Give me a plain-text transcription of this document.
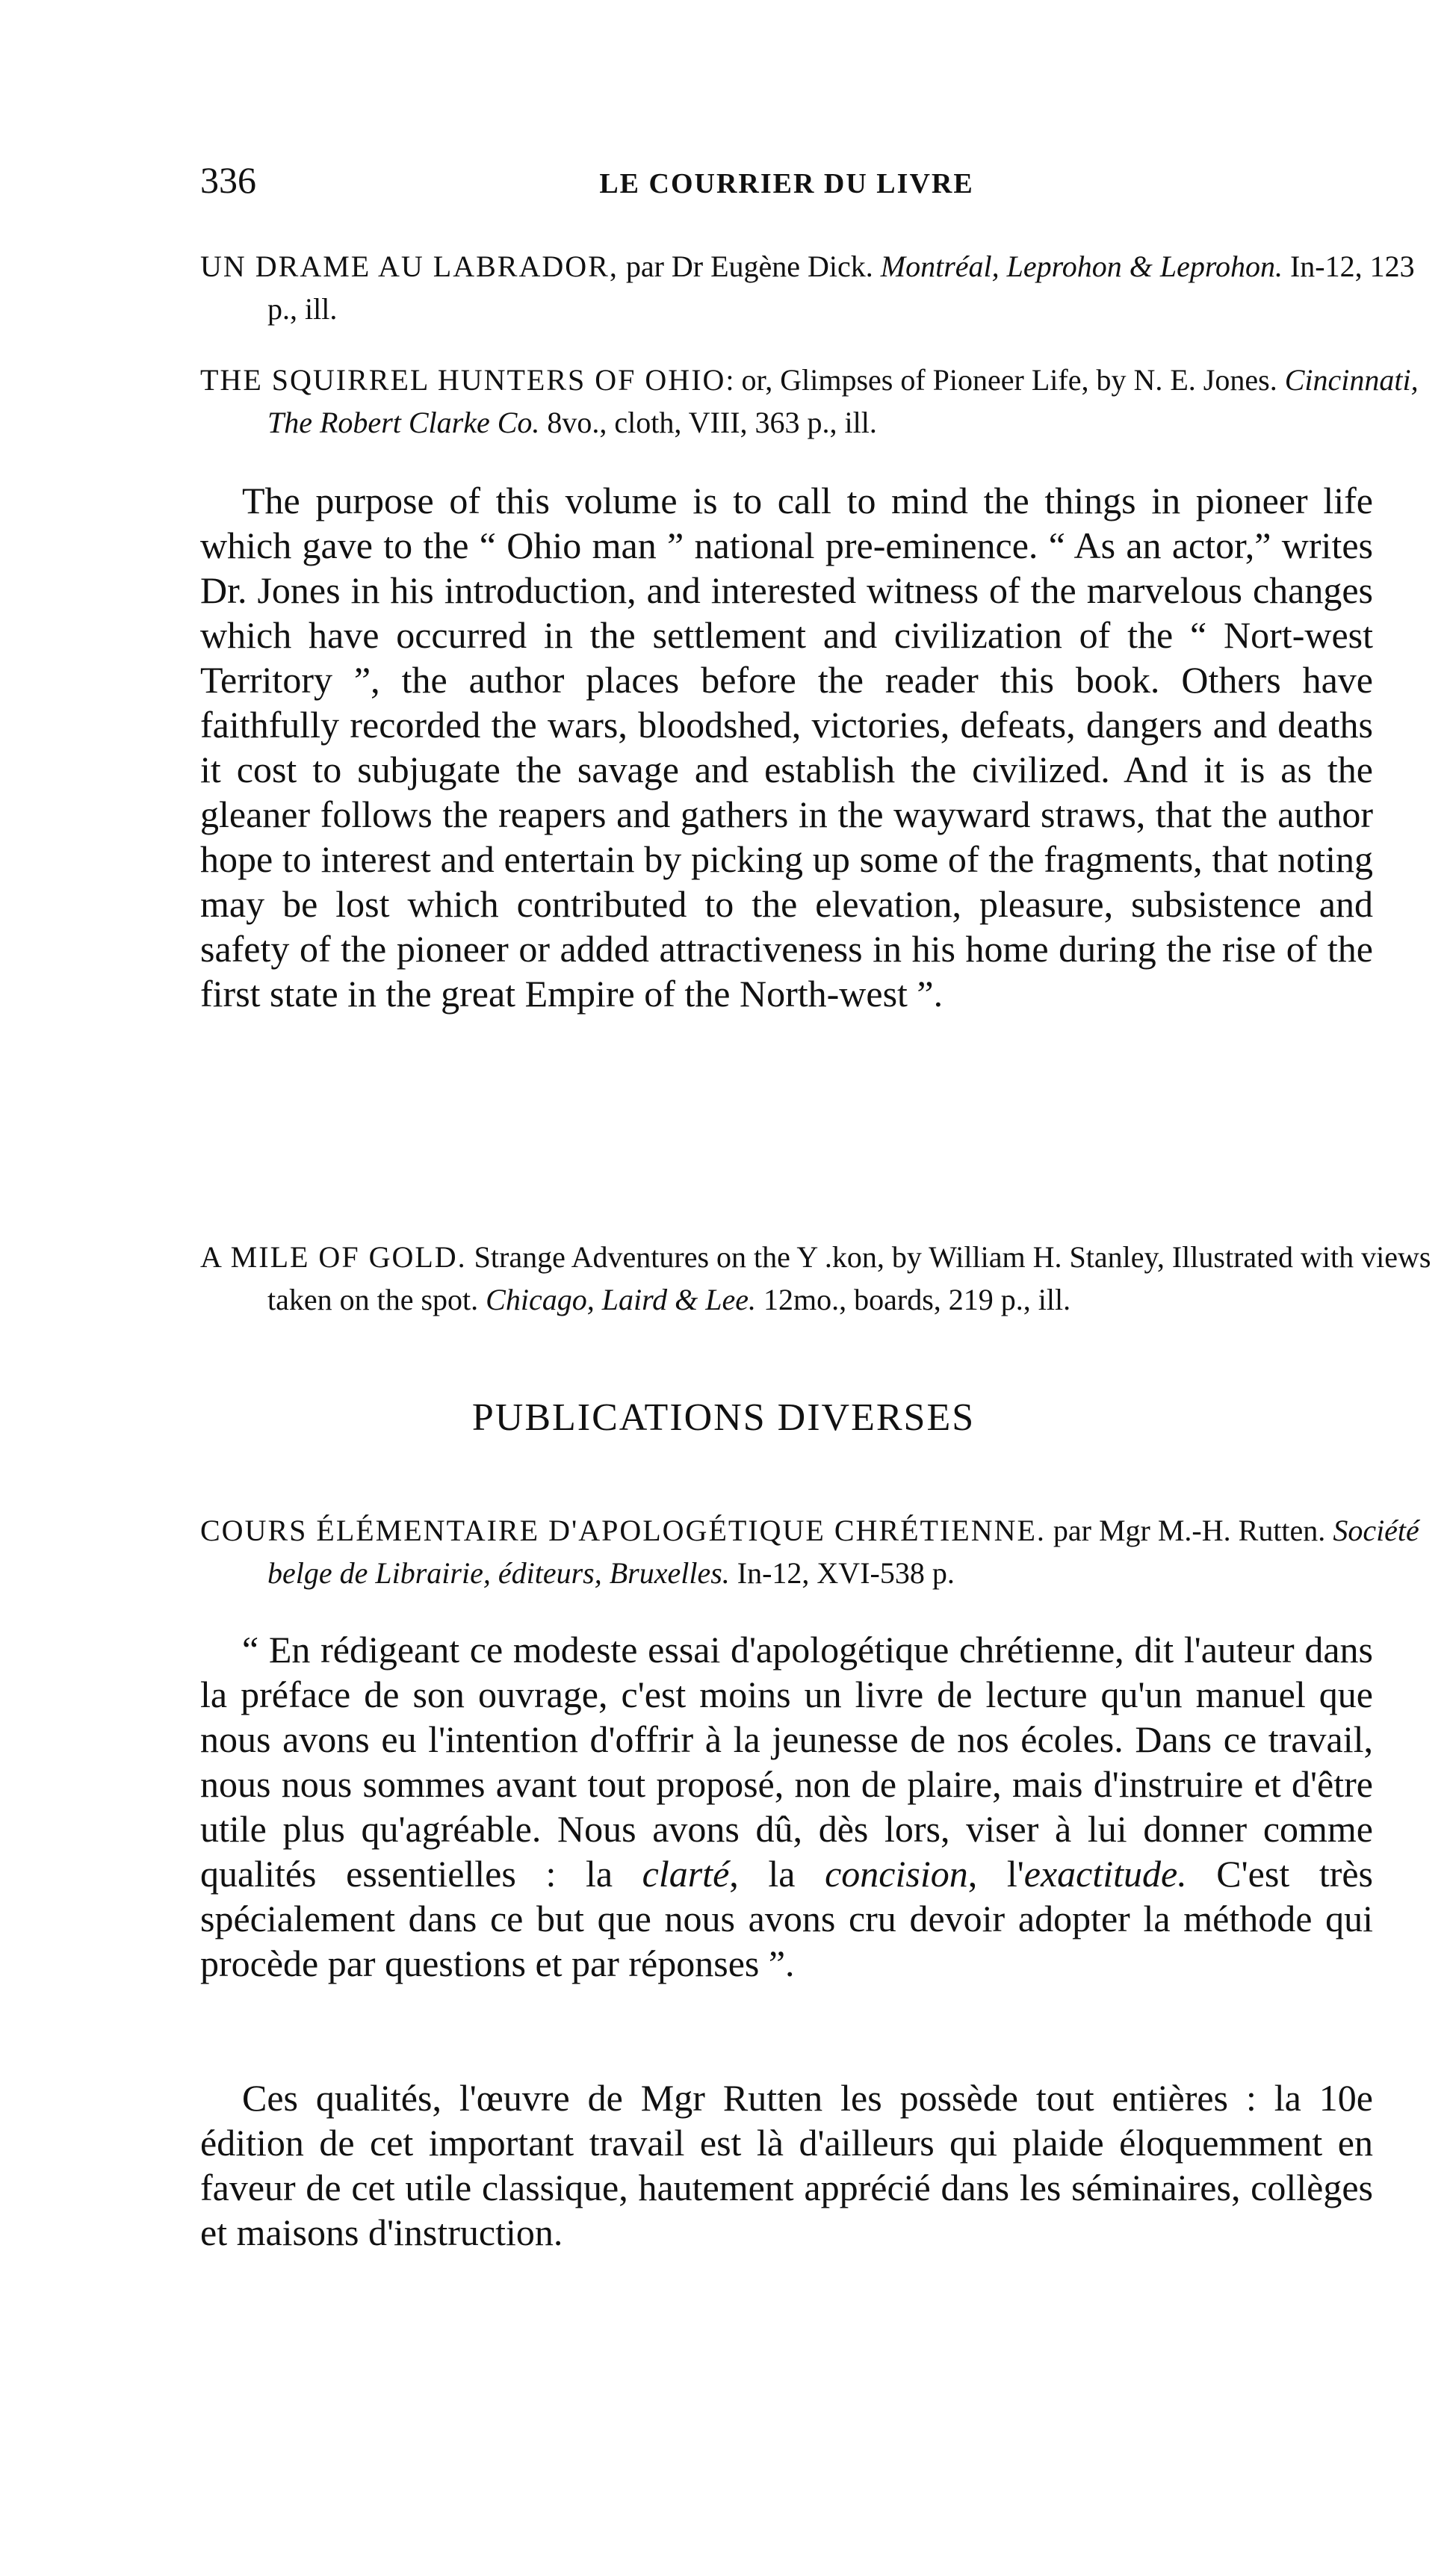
336	LE COURRIER DU LIVRE

UN DRAME AU LABRADOR, par Dr Eugène Dick. Montréal, Leprohon & Leprohon. In-12, 123 p., ill.

THE SQUIRREL HUNTERS OF OHIO: or, Glimpses of Pioneer Life, by N. E. Jones. Cincinnati, The Robert Clarke Co. 8vo., cloth, VIII, 363 p., ill.

The purpose of this volume is to call to mind the things in pioneer life which gave to the “ Ohio man ” national pre-eminence. “ As an actor,” writes Dr. Jones in his introduction, and interested witness of the marvelous changes which have occurred in the settlement and civilization of the “ Nort-west Territory ”, the author places before the reader this book. Others have faithfully recorded the wars, bloodshed, victories, defeats, dangers and deaths it cost to subjugate the savage and establish the civilized. And it is as the gleaner follows the reapers and gathers in the wayward straws, that the author hope to interest and entertain by picking up some of the fragments, that noting may be lost which contributed to the elevation, pleasure, subsistence and safety of the pioneer or added attractiveness in his home during the rise of the first state in the great Empire of the North-west ”.

A MILE OF GOLD. Strange Adventures on the Y .kon, by William H. Stanley, Illustrated with views taken on the spot. Chicago, Laird & Lee. 12mo., boards, 219 p., ill.

PUBLICATIONS DIVERSES

COURS ÉLÉMENTAIRE D'APOLOGÉTIQUE CHRÉTIENNE. par Mgr M.-H. Rutten. Société belge de Librairie, éditeurs, Bruxelles. In-12, XVI-538 p.

“ En rédigeant ce modeste essai d'apologétique chrétienne, dit l'auteur dans la préface de son ouvrage, c'est moins un livre de lecture qu'un manuel que nous avons eu l'intention d'offrir à la jeunesse de nos écoles. Dans ce travail, nous nous sommes avant tout proposé, non de plaire, mais d'instruire et d'être utile plus qu'agréable. Nous avons dû, dès lors, viser à lui donner comme qualités essentielles : la clarté, la concision, l'exactitude. C'est très spécialement dans ce but que nous avons cru devoir adopter la méthode qui procède par questions et par réponses ”.

Ces qualités, l'œuvre de Mgr Rutten les possède tout entières : la 10e édition de cet important travail est là d'ailleurs qui plaide éloquemment en faveur de cet utile classique, hautement apprécié dans les séminaires, collèges et maisons d'instruction.
